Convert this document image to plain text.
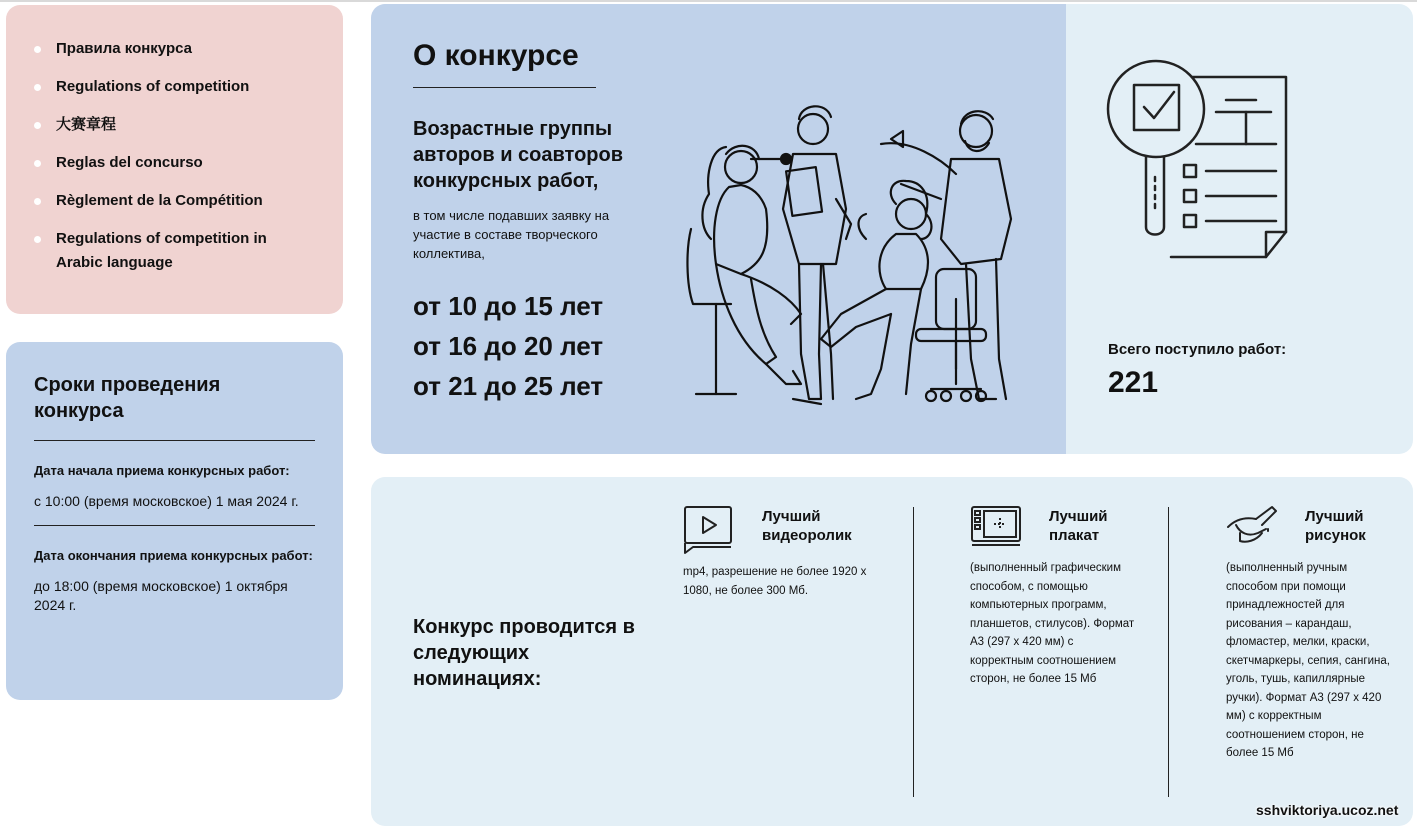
Правила конкурса
Regulations of competition
大赛章程
Reglas del concurso
Règlement de la Compétition
Regulations of competition in Arabic language
Сроки проведения конкурса
Дата начала приема конкурсных работ:
с 10:00 (время московское) 1 мая 2024 г.
Дата окончания приема конкурсных работ:
до 18:00 (время московское) 1 октября 2024 г.
О конкурсе
Возрастные группы авторов и соавторов конкурсных работ,
в том числе подавших заявку на участие в составе творческого коллектива,
от 10 до 15 лет
от 16 до 20 лет
от 21 до 25 лет
Всего поступило работ:
221
Конкурс проводится в следующих номинациях:
Лучший видеоролик
mp4, разрешение не более 1920 х 1080, не более 300 Мб.
Лучший плакат
(выполненный графическим способом, с помощью компьютерных программ, планшетов, стилусов). Формат А3 (297 х 420 мм) с корректным соотношением сторон, не более 15 Мб
Лучший рисунок
(выполненный ручным способом при помощи принадлежностей для рисования – карандаш, фломастер, мелки, краски, скетчмаркеры, сепия, сангина, уголь, тушь, капиллярные ручки). Формат А3 (297 х 420 мм) с корректным соотношением сторон, не более 15 Мб
sshviktoriya.ucoz.net
